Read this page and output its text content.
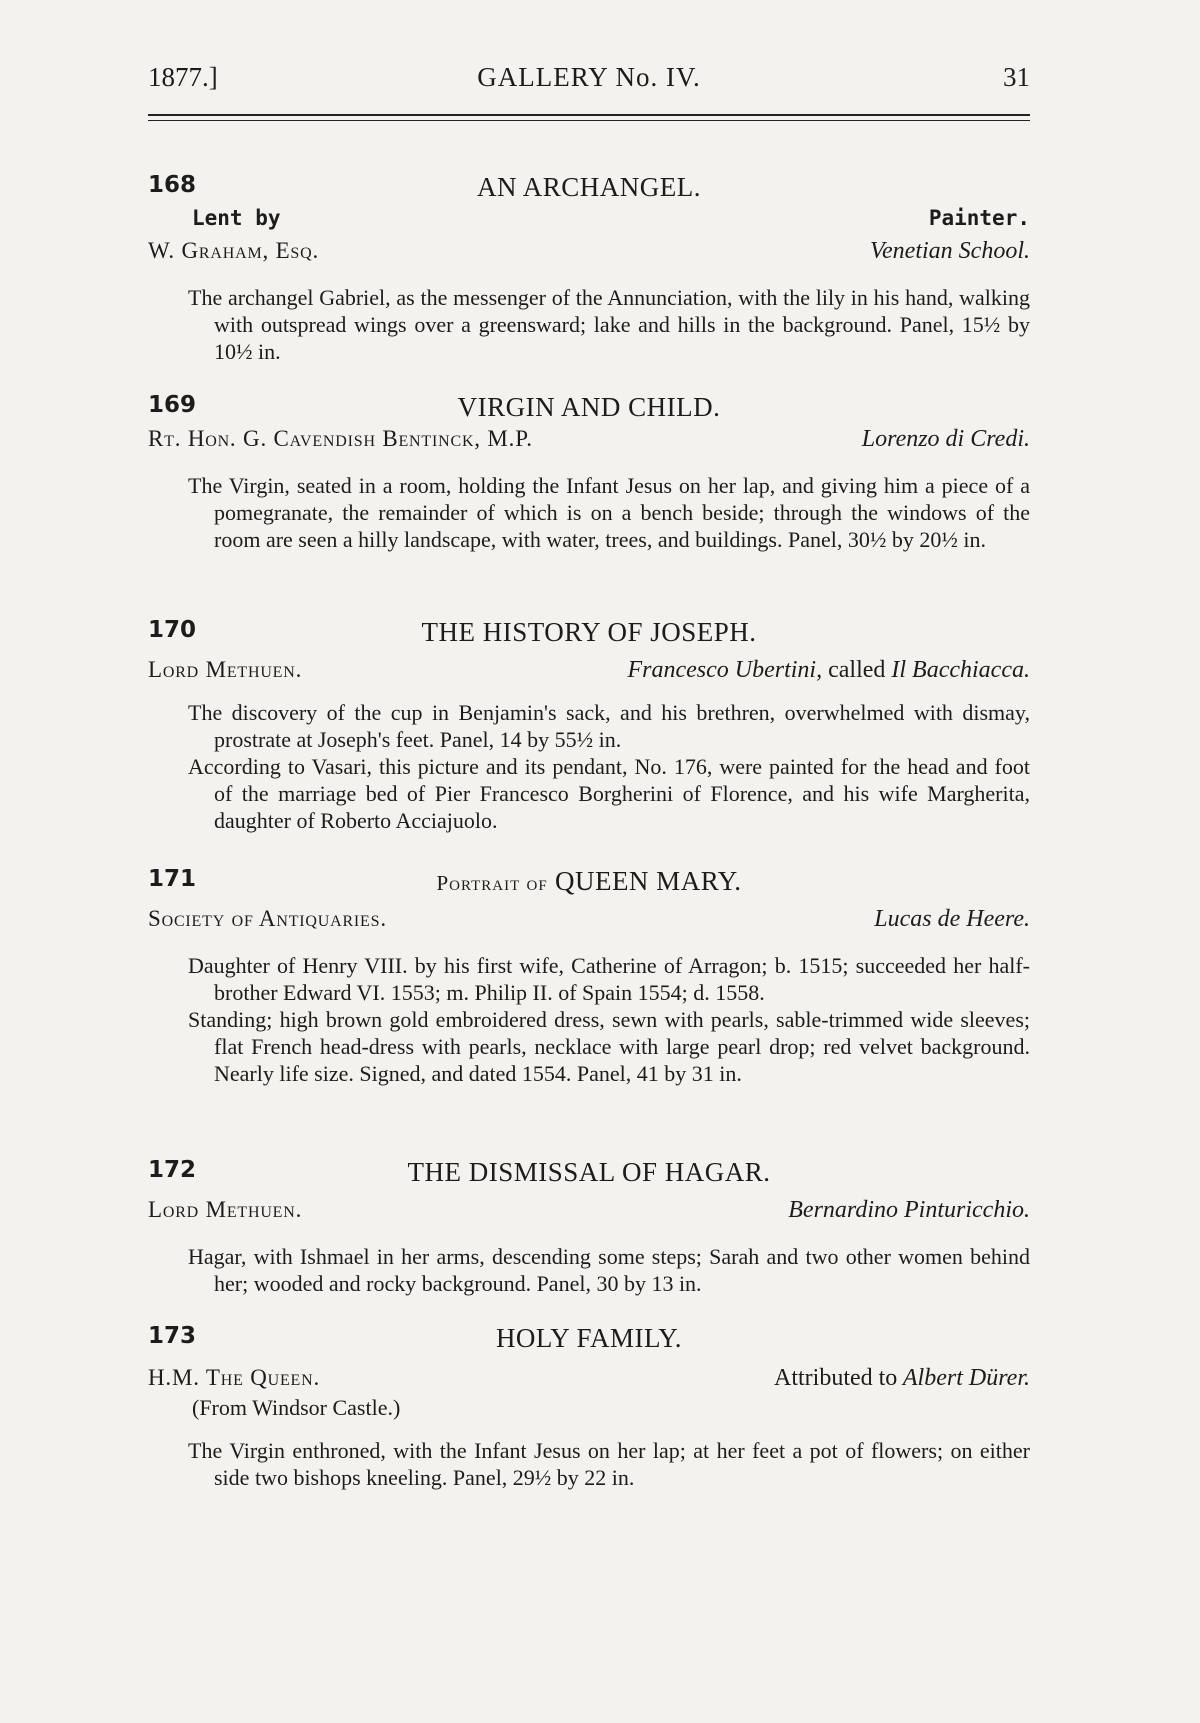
1877.]	GALLERY No. IV.	31
168	AN ARCHANGEL.
Lent by	Painter.
W. Graham, Esq.	Venetian School.

The archangel Gabriel, as the messenger of the Annunciation, with the lily in his hand, walking with outspread wings over a greensward; lake and hills in the background. Panel, 15½ by 10½ in.

169	VIRGIN AND CHILD.
Rt. Hon. G. Cavendish Bentinck, M.P.	Lorenzo di Credi.

The Virgin, seated in a room, holding the Infant Jesus on her lap, and giving him a piece of a pomegranate, the remainder of which is on a bench beside; through the windows of the room are seen a hilly landscape, with water, trees, and buildings. Panel, 30½ by 20½ in.

170	THE HISTORY OF JOSEPH.
Lord Methuen.	Francesco Ubertini, called Il Bacchiacca.

The discovery of the cup in Benjamin's sack, and his brethren, overwhelmed with dismay, prostrate at Joseph's feet. Panel, 14 by 55½ in.

According to Vasari, this picture and its pendant, No. 176, were painted for the head and foot of the marriage bed of Pier Francesco Borgherini of Florence, and his wife Margherita, daughter of Roberto Acciajuolo.

171	Portrait of QUEEN MARY.
Society of Antiquaries.	Lucas de Heere.

Daughter of Henry VIII. by his first wife, Catherine of Arragon; b. 1515; succeeded her half-brother Edward VI. 1553; m. Philip II. of Spain 1554; d. 1558.

Standing; high brown gold embroidered dress, sewn with pearls, sable-trimmed wide sleeves; flat French head-dress with pearls, necklace with large pearl drop; red velvet background. Nearly life size. Signed, and dated 1554. Panel, 41 by 31 in.

172	THE DISMISSAL OF HAGAR.
Lord Methuen.	Bernardino Pinturicchio.

Hagar, with Ishmael in her arms, descending some steps; Sarah and two other women behind her; wooded and rocky background. Panel, 30 by 13 in.

173	HOLY FAMILY.
H.M. The Queen.	Attributed to Albert Dürer.
(From Windsor Castle.)

The Virgin enthroned, with the Infant Jesus on her lap; at her feet a pot of flowers; on either side two bishops kneeling. Panel, 29½ by 22 in.
